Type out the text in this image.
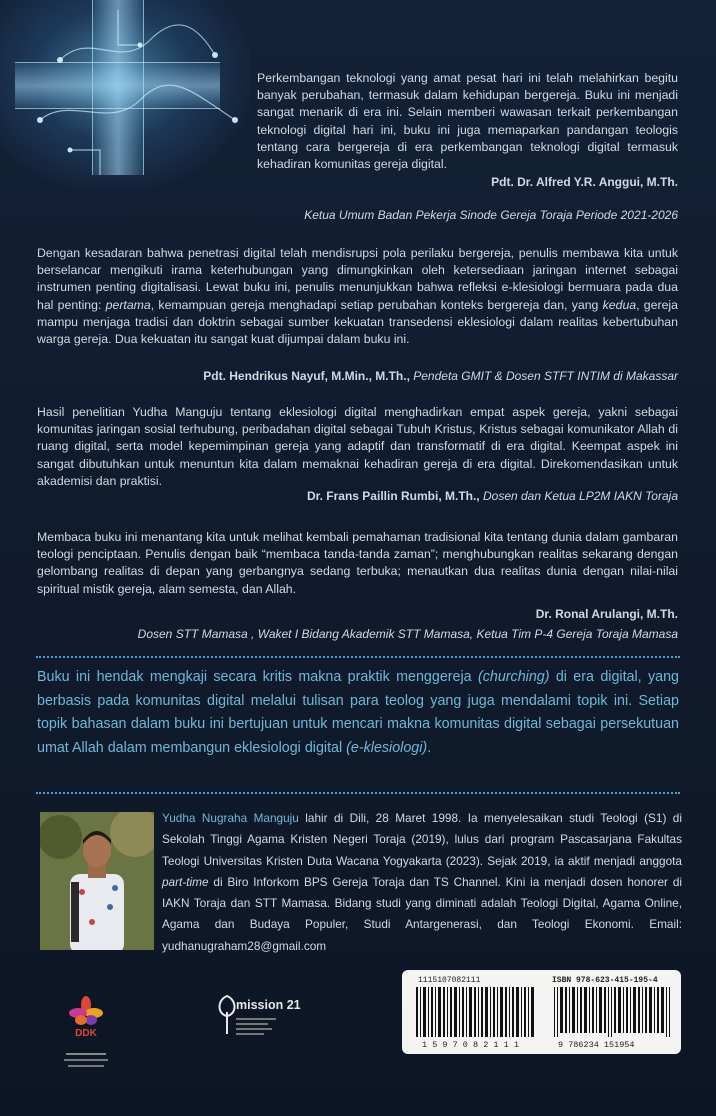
Perkembangan teknologi yang amat pesat hari ini telah melahirkan begitu banyak perubahan, termasuk dalam kehidupan bergereja. Buku ini menjadi sangat menarik di era ini. Selain memberi wawasan terkait perkembangan teknologi digital hari ini, buku ini juga memaparkan pandangan teologis tentang cara bergereja di era perkembangan teknologi digital termasuk kehadiran komunitas gereja digital.
Pdt. Dr. Alfred Y.R. Anggui, M.Th.
Ketua Umum Badan Pekerja Sinode Gereja Toraja Periode 2021-2026
Dengan kesadaran bahwa penetrasi digital telah mendisrupsi pola perilaku bergereja, penulis membawa kita untuk berselancar mengikuti irama keterhubungan yang dimungkinkan oleh ketersediaan jaringan internet sebagai instrumen penting digitalisasi. Lewat buku ini, penulis menunjukkan bahwa refleksi e-klesiologi bermuara pada dua hal penting: pertama, kemampuan gereja menghadapi setiap perubahan konteks bergereja dan, yang kedua, gereja mampu menjaga tradisi dan doktrin sebagai sumber kekuatan transedensi eklesiologi dalam realitas kebertubuhan warga gereja. Dua kekuatan itu sangat kuat dijumpai dalam buku ini.
Pdt. Hendrikus Nayuf, M.Min., M.Th., Pendeta GMIT & Dosen STFT INTIM di Makassar
Hasil penelitian Yudha Manguju tentang eklesiologi digital menghadirkan empat aspek gereja, yakni sebagai komunitas jaringan sosial terhubung, peribadahan digital sebagai Tubuh Kristus, Kristus sebagai komunikator Allah di ruang digital, serta model kepemimpinan gereja yang adaptif dan transformatif di era digital. Keempat aspek ini sangat dibutuhkan untuk menuntun kita dalam memaknai kehadiran gereja di era digital. Direkomendasikan untuk akademisi dan praktisi.
Dr. Frans Paillin Rumbi, M.Th., Dosen dan Ketua LP2M IAKN Toraja
Membaca buku ini menantang kita untuk melihat kembali pemahaman tradisional kita tentang dunia dalam gambaran teologi penciptaan. Penulis dengan baik “membaca tanda-tanda zaman”; menghubungkan realitas sekarang dengan gelombang realitas di depan yang gerbangnya sedang terbuka; menautkan dua realitas dunia dengan nilai-nilai spiritual mistik gereja, alam semesta, dan Allah.
Dr. Ronal Arulangi, M.Th.
Dosen STT Mamasa , Waket I Bidang Akademik STT Mamasa, Ketua Tim P-4 Gereja Toraja Mamasa
Buku ini hendak mengkaji secara kritis makna praktik menggereja (churching) di era digital, yang berbasis pada komunitas digital melalui tulisan para teolog yang juga mendalami topik ini. Setiap topik bahasan dalam buku ini bertujuan untuk mencari makna komunitas digital sebagai persekutuan umat Allah dalam membangun eklesiologi digital (e-klesiologi).
Yudha Nugraha Manguju lahir di Dili, 28 Maret 1998. Ia menyelesaikan studi Teologi (S1) di Sekolah Tinggi Agama Kristen Negeri Toraja (2019), lulus dari program Pascasarjana Fakultas Teologi Universitas Kristen Duta Wacana Yogyakarta (2023). Sejak 2019, ia aktif menjadi anggota part-time di Biro Inforkom BPS Gereja Toraja dan TS Channel. Kini ia menjadi dosen honorer di IAKN Toraja dan STT Mamasa. Bidang studi yang diminati adalah Teologi Digital, Agama Online, Agama dan Budaya Populer, Studi Antargenerasi, dan Teologi Ekonomi. Email: yudhanugraham28@gmail.com
DDK
mission 21
1115107082111
1 5 9 7 0 8 2 1 1 1
ISBN 978-623-415-195-4
9 786234 151954
